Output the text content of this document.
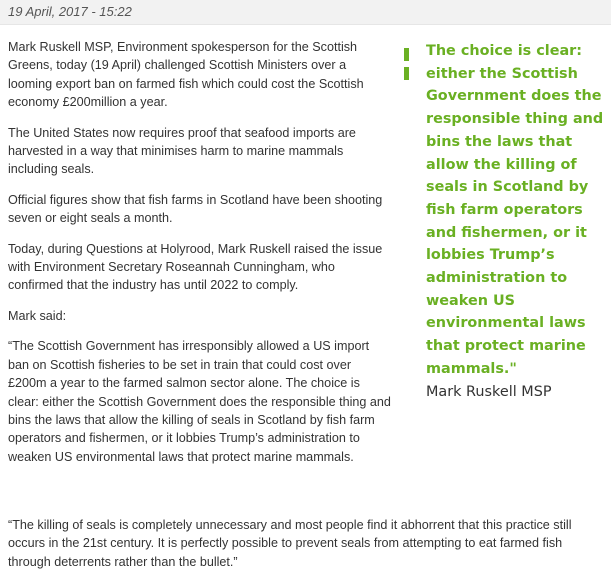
19 April, 2017 - 15:22

Mark Ruskell MSP, Environment spokesperson for the Scottish Greens, today (19 April) challenged Scottish Ministers over a looming export ban on farmed fish which could cost the Scottish economy £200million a year.

The United States now requires proof that seafood imports are harvested in a way that minimises harm to marine mammals including seals.

Official figures show that fish farms in Scotland have been shooting seven or eight seals a month.

Today, during Questions at Holyrood, Mark Ruskell raised the issue with Environment Secretary Roseannah Cunningham, who confirmed that the industry has until 2022 to comply.

Mark said:

“The Scottish Government has irresponsibly allowed a US import ban on Scottish fisheries to be set in train that could cost over £200m a year to the farmed salmon sector alone. The choice is clear: either the Scottish Government does the responsible thing and bins the laws that allow the killing of seals in Scotland by fish farm operators and fishermen, or it lobbies Trump’s administration to weaken US environmental laws that protect marine mammals.

The choice is clear: either the Scottish Government does the responsible thing and bins the laws that allow the killing of seals in Scotland by fish farm operators and fishermen, or it lobbies Trump’s administration to weaken US environmental laws that protect marine mammals."
Mark Ruskell MSP

“The killing of seals is completely unnecessary and most people find it abhorrent that this practice still occurs in the 21st century. It is perfectly possible to prevent seals from attempting to eat farmed fish through deterrents rather than the bullet.”
